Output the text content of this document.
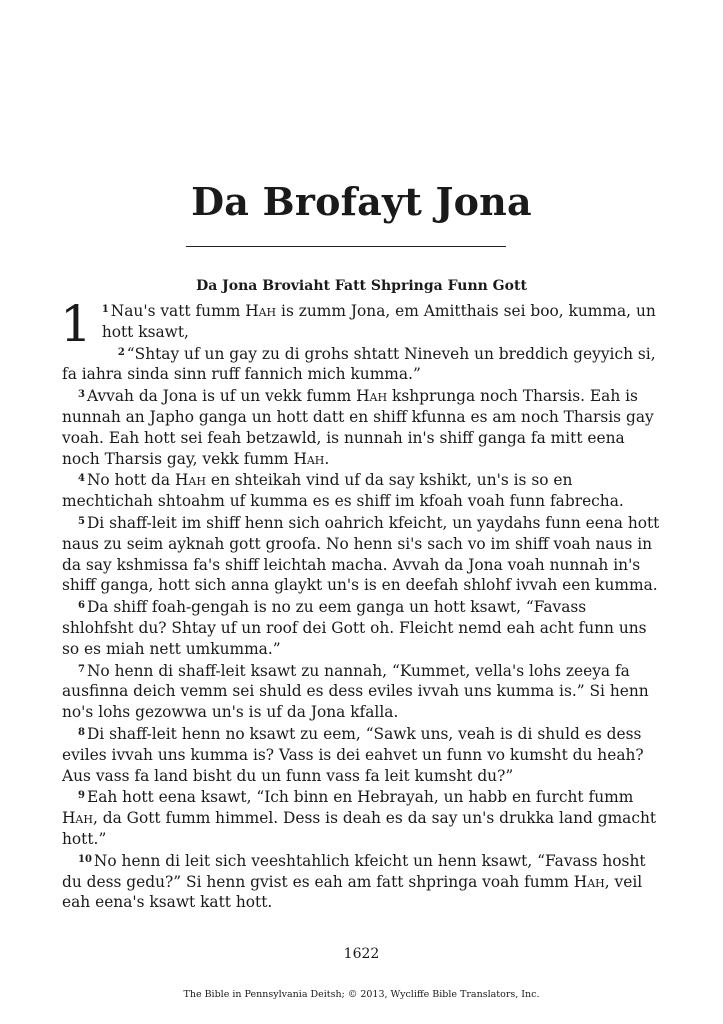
Da Brofayt Jona
Da Jona Broviaht Fatt Shpringa Funn Gott
1	$^1$ Nau's vatt fumm Hah is zumm Jona, em Amitthais sei boo, kumma, un hott ksawt,

$^2$ “Shtay uf un gay zu di grohs shtatt Nineveh un breddich geyyich si, fa iahra sinda sinn ruff fannich mich kumma.”

$^3$ Avvah da Jona is uf un vekk fumm Hah kshprunga noch Tharsis. Eah is nunnah an Japho ganga un hott datt en shiff kfunna es am noch Tharsis gay voah. Eah hott sei feah betzawld, is nunnah in's shiff ganga fa mitt eena noch Tharsis gay, vekk fumm Hah.

$^4$ No hott da Hah en shteikah vind uf da say kshikt, un's is so en mechtichah shtoahm uf kumma es es shiff im kfoah voah funn fabrecha.

$^5$ Di shaff-leit im shiff henn sich oahrich kfeicht, un yaydahs funn eena hott naus zu seim ayknah gott groofa. No henn si's sach vo im shiff voah naus in da say kshmissa fa's shiff leichtah macha. Avvah da Jona voah nunnah in's shiff ganga, hott sich anna glaykt un's is en deefah shlohf ivvah een kumma.

$^6$ Da shiff foah-gengah is no zu eem ganga un hott ksawt, “Favass shlohfsht du? Shtay uf un roof dei Gott oh. Fleicht nemd eah acht funn uns so es miah nett umkumma.”

$^7$ No henn di shaff-leit ksawt zu nannah, “Kummet, vella's lohs zeeya fa ausfinna deich vemm sei shuld es dess eviles ivvah uns kumma is.” Si henn no's lohs gezowwa un's is uf da Jona kfalla.

$^8$ Di shaff-leit henn no ksawt zu eem, “Sawk uns, veah is di shuld es dess eviles ivvah uns kumma is? Vass is dei eahvet un funn vo kumsht du heah? Aus vass fa land bisht du un funn vass fa leit kumsht du?”

$^9$ Eah hott eena ksawt, “Ich binn en Hebrayah, un habb en furcht fumm Hah, da Gott fumm himmel. Dess is deah es da say un's drukka land gmacht hott.”

$^{10}$ No henn di leit sich veeshtahlich kfeicht un henn ksawt, “Favass hosht du dess gedu?” Si henn gvist es eah am fatt shpringa voah fumm Hah, veil eah eena's ksawt katt hott.

1622
The Bible in Pennsylvania Deitsh; © 2013, Wycliffe Bible Translators, Inc.
